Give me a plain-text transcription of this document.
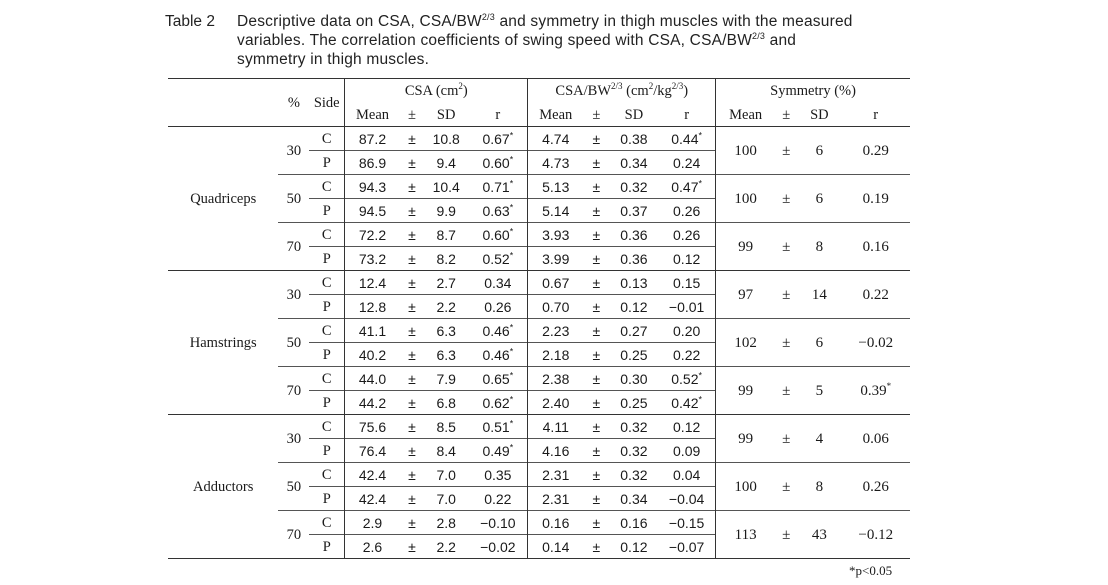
Table 2 Descriptive data on CSA, CSA/$BW^{2/3}$ and symmetry in thigh muscles with the measured
variables. The correlation coefficients of swing speed with CSA, CSA/$BW^{2/3}$ and
symmetry in thigh muscles.
	%	Side	CSA $(cm^2)$				CSA/$BW^{2/3}$ $(cm^2/kg^{2/3})$				Symmetry (%)			
			Mean	±	SD	r	Mean	±	SD	r	Mean	±	SD	r
Quadriceps	30	C	87.2	±	10.8	0.67*	4.74	±	0.38	0.44*	100	±	6	0.29
		P	86.9	±	9.4	0.60*	4.73	±	0.34	0.24				
	50	C	94.3	±	10.4	0.71*	5.13	±	0.32	0.47*	100	±	6	0.19
		P	94.5	±	9.9	0.63*	5.14	±	0.37	0.26				
	70	C	72.2	±	8.7	0.60*	3.93	±	0.36	0.26	99	±	8	0.16
		P	73.2	±	8.2	0.52*	3.99	±	0.36	0.12				
Hamstrings	30	C	12.4	±	2.7	0.34	0.67	±	0.13	0.15	97	±	14	0.22
		P	12.8	±	2.2	0.26	0.70	±	0.12	−0.01				
	50	C	41.1	±	6.3	0.46*	2.23	±	0.27	0.20	102	±	6	−0.02
		P	40.2	±	6.3	0.46*	2.18	±	0.25	0.22				
	70	C	44.0	±	7.9	0.65*	2.38	±	0.30	0.52*	99	±	5	0.39*
		P	44.2	±	6.8	0.62*	2.40	±	0.25	0.42*
Adductors	30	C	75.6	±	8.5	0.51*	4.11	±	0.32	0.12	99	±	4	0.06
		P	76.4	±	8.4	0.49*	4.16	±	0.32	0.09				
	50	C	42.4	±	7.0	0.35	2.31	±	0.32	0.04	100	±	8	0.26
		P	42.4	±	7.0	0.22	2.31	±	0.34	−0.04				
	70	C	2.9	±	2.8	−0.10	0.16	±	0.16	−0.15	113	±	43	−0.12
		P	2.6	±	2.2	−0.02	0.14	±	0.12	−0.07				
*p<0.05
